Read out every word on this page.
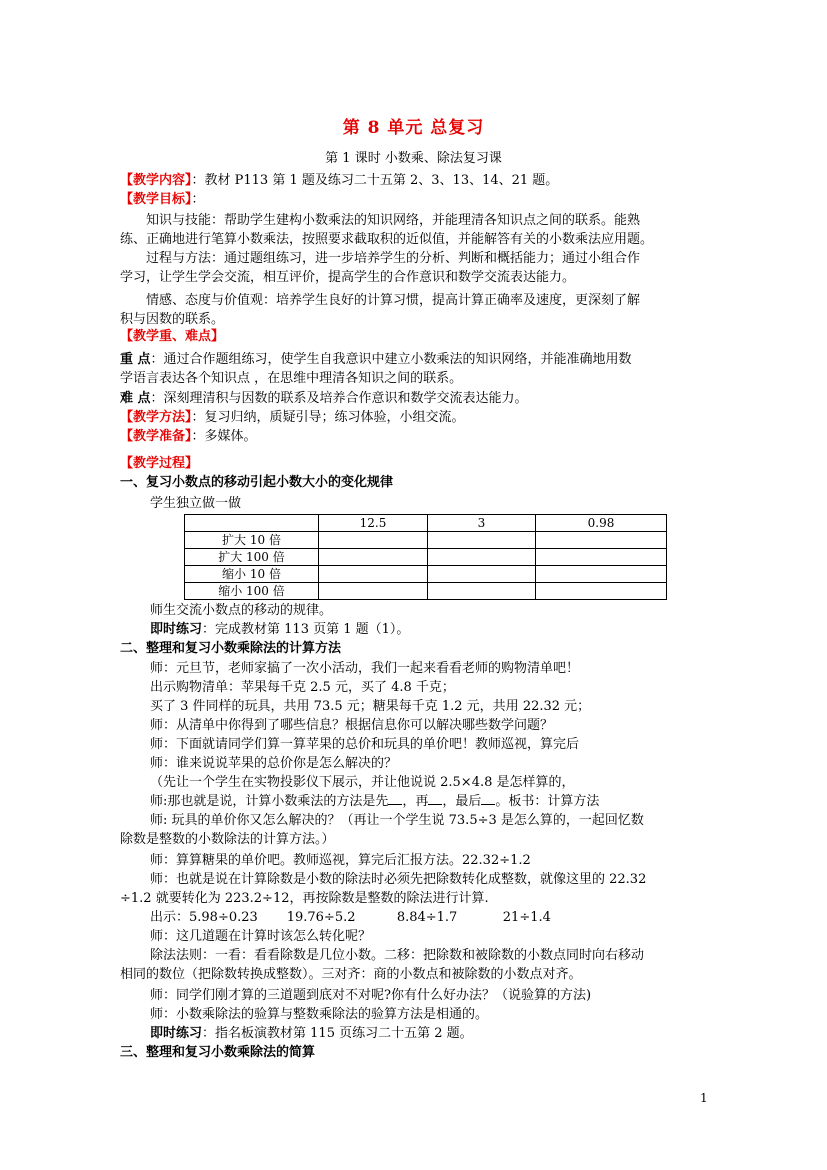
第 8 单元 总复习
第 1 课时 小数乘、除法复习课
【教学内容】：教材 P113 第 1 题及练习二十五第 2、3、13、14、21 题。
【教学目标】：
知识与技能：帮助学生建构小数乘法的知识网络，并能理清各知识点之间的联系。能熟
练、正确地进行笔算小数乘法，按照要求截取积的近似值，并能解答有关的小数乘法应用题。
过程与方法：通过题组练习，进一步培养学生的分析、判断和概括能力；通过小组合作
学习，让学生学会交流，相互评价，提高学生的合作意识和数学交流表达能力。
情感、态度与价值观：培养学生良好的计算习惯，提高计算正确率及速度，更深刻了解
积与因数的联系。
【教学重、难点】
重 点：通过合作题组练习，使学生自我意识中建立小数乘法的知识网络，并能准确地用数
学语言表达各个知识点 ，在思维中理清各知识之间的联系。
难 点：深刻理清积与因数的联系及培养合作意识和数学交流表达能力。
【教学方法】：复习归纳，质疑引导；练习体验，小组交流。
【教学准备】：多媒体。
【教学过程】
一、复习小数点的移动引起小数大小的变化规律
学生独立做一做
	12.5	3	0.98
扩大 10 倍			
扩大 100 倍			
缩小 10 倍			
缩小 100 倍			
师生交流小数点的移动的规律。
即时练习：完成教材第 113 页第 1 题（1）。
二、整理和复习小数乘除法的计算方法
师：元旦节，老师家搞了一次小活动，我们一起来看看老师的购物清单吧！
出示购物清单：苹果每千克 2.5 元，买了 4.8 千克；
买了 3 件同样的玩具，共用 73.5 元；糖果每千克 1.2 元，共用 22.32 元；
师：从清单中你得到了哪些信息？根据信息你可以解决哪些数学问题？
师：下面就请同学们算一算苹果的总价和玩具的单价吧！教师巡视，算完后
师：谁来说说苹果的总价你是怎么解决的？
（先让一个学生在实物投影仪下展示，并让他说说 2.5×4.8 是怎样算的，
师:那也就是说，计算小数乘法的方法是先 ，再 ，最后 。板书：计算方法
师: 玩具的单价你又怎么解决的？（再让一个学生说 73.5÷3 是怎么算的，一起回忆数
除数是整数的小数除法的计算方法。）
师：算算糖果的单价吧。教师巡视，算完后汇报方法。22.32÷1.2
师：也就是说在计算除数是小数的除法时必须先把除数转化成整数，就像这里的 22.32
÷1.2 就要转化为 223.2÷12，再按除数是整数的除法进行计算.
出示：5.98÷0.23       19.76÷5.2          8.84÷1.7           21÷1.4
师：这几道题在计算时该怎么转化呢？
除法法则：一看：看看除数是几位小数。二移：把除数和被除数的小数点同时向右移动
相同的数位（把除数转换成整数）。三对齐：商的小数点和被除数的小数点对齐。
师：同学们刚才算的三道题到底对不对呢?你有什么好办法？（说验算的方法)
师：小数乘除法的验算与整数乘除法的验算方法是相通的。
即时练习：指名板演教材第 115 页练习二十五第 2 题。
三、整理和复习小数乘除法的简算
1
